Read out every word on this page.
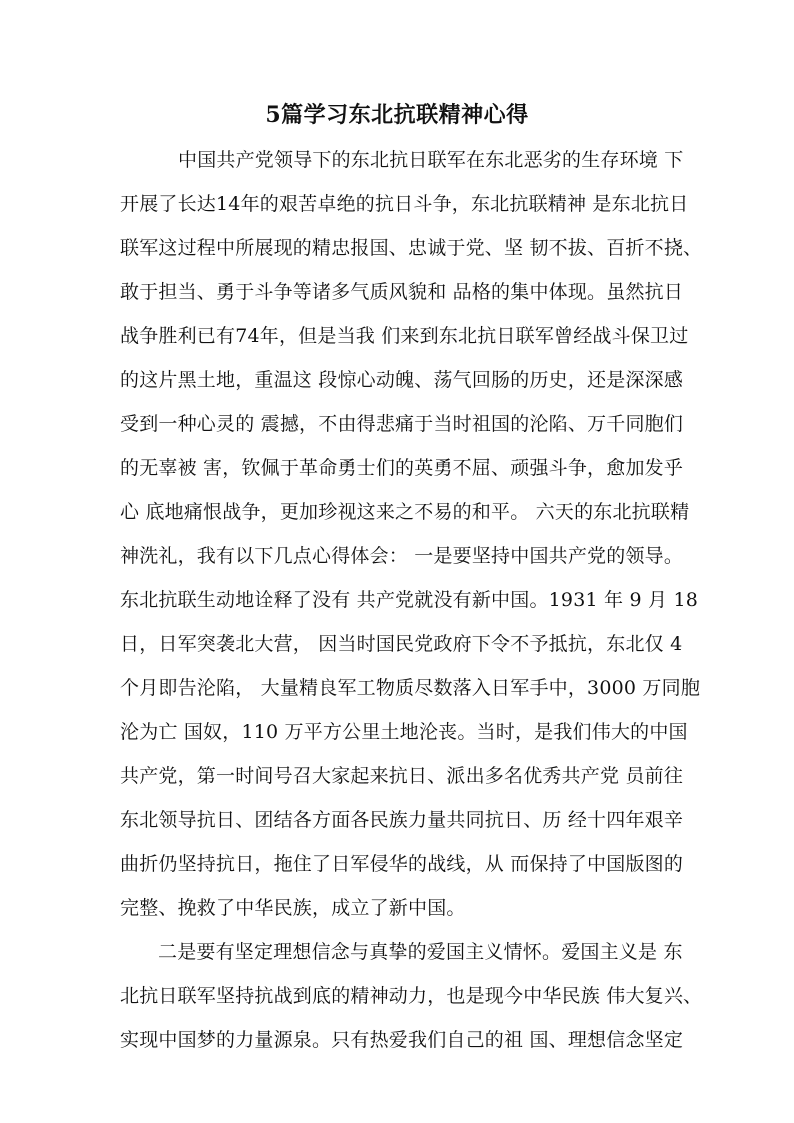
5篇学习东北抗联精神心得
中国共产党领导下的东北抗日联军在东北恶劣的生存环境 下
开展了长达14年的艰苦卓绝的抗日斗争，东北抗联精神 是东北抗日
联军这过程中所展现的精忠报国、忠诚于党、坚 韧不拔、百折不挠、
敢于担当、勇于斗争等诸多气质风貌和 品格的集中体现。虽然抗日
战争胜利已有74年，但是当我 们来到东北抗日联军曾经战斗保卫过
的这片黑土地，重温这 段惊心动魄、荡气回肠的历史，还是深深感
受到一种心灵的 震撼，不由得悲痛于当时祖国的沦陷、万千同胞们
的无辜被 害，钦佩于革命勇士们的英勇不屈、顽强斗争，愈加发乎
心 底地痛恨战争，更加珍视这来之不易的和平。 六天的东北抗联精
神洗礼，我有以下几点心得体会： 一是要坚持中国共产党的领导。
东北抗联生动地诠释了没有 共产党就没有新中国。1931 年 9 月 18
日，日军突袭北大营， 因当时国民党政府下令不予抵抗，东北仅 4
个月即告沦陷， 大量精良军工物质尽数落入日军手中，3000 万同胞
沦为亡 国奴，110 万平方公里土地沦丧。当时，是我们伟大的中国
共产党，第一时间号召大家起来抗日、派出多名优秀共产党 员前往
东北领导抗日、团结各方面各民族力量共同抗日、历 经十四年艰辛
曲折仍坚持抗日，拖住了日军侵华的战线，从 而保持了中国版图的
完整、挽救了中华民族，成立了新中国。
二是要有坚定理想信念与真挚的爱国主义情怀。爱国主义是 东
北抗日联军坚持抗战到底的精神动力，也是现今中华民族 伟大复兴、
实现中国梦的力量源泉。只有热爱我们自己的祖 国、理想信念坚定
